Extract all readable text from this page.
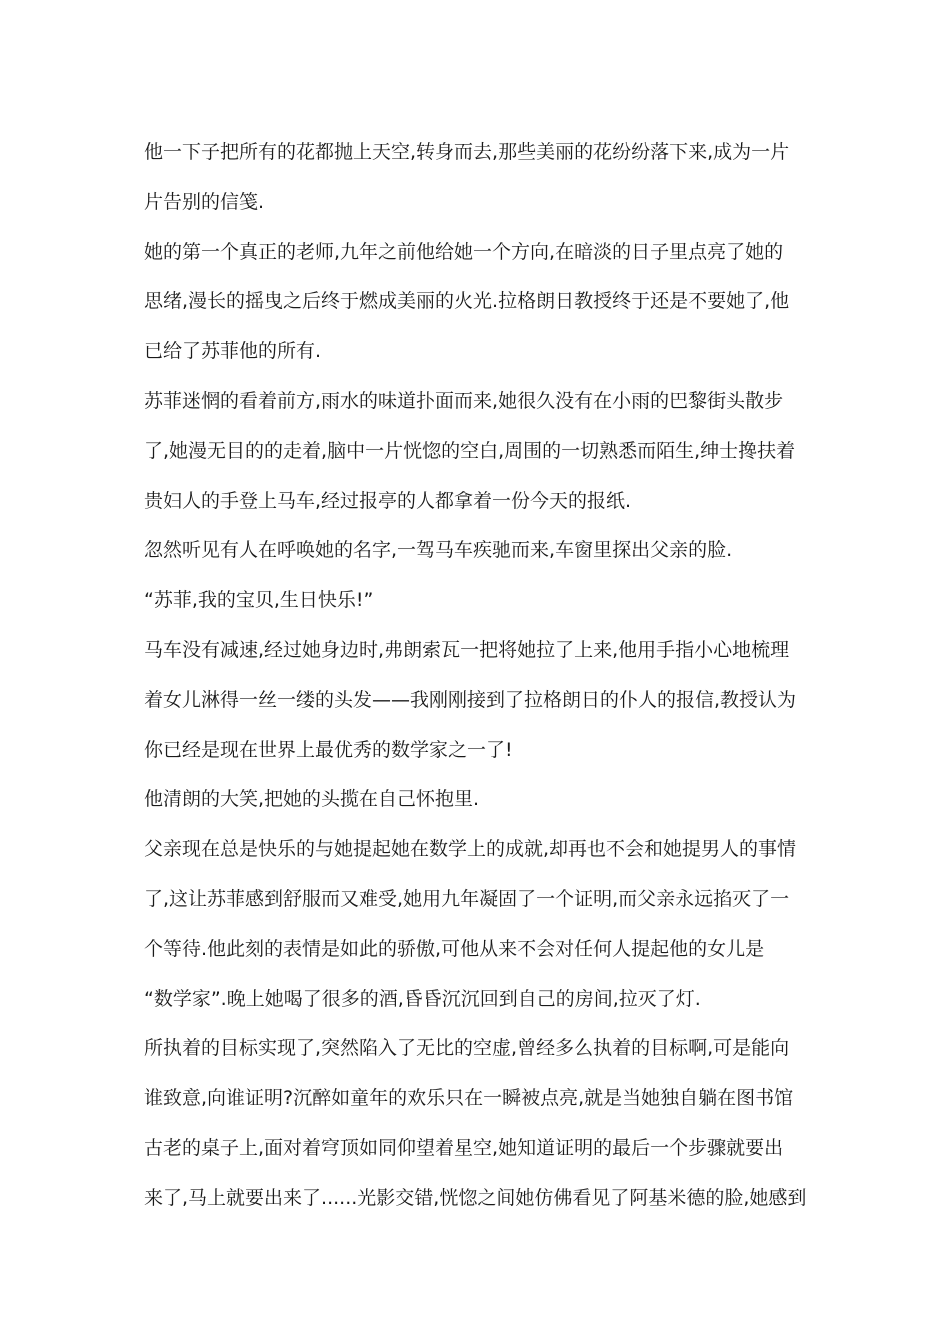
他一下子把所有的花都抛上天空,转身而去,那些美丽的花纷纷落下来,成为一片
片告别的信笺.
她的第一个真正的老师,九年之前他给她一个方向,在暗淡的日子里点亮了她的
思绪,漫长的摇曳之后终于燃成美丽的火光.拉格朗日教授终于还是不要她了,他
已给了苏菲他的所有.
苏菲迷惘的看着前方,雨水的味道扑面而来,她很久没有在小雨的巴黎街头散步
了,她漫无目的的走着,脑中一片恍惚的空白,周围的一切熟悉而陌生,绅士搀扶着
贵妇人的手登上马车,经过报亭的人都拿着一份今天的报纸.
忽然听见有人在呼唤她的名字,一驾马车疾驰而来,车窗里探出父亲的脸.
“苏菲,我的宝贝,生日快乐!”
马车没有减速,经过她身边时,弗朗索瓦一把将她拉了上来,他用手指小心地梳理
着女儿淋得一丝一缕的头发——我刚刚接到了拉格朗日的仆人的报信,教授认为
你已经是现在世界上最优秀的数学家之一了!
他清朗的大笑,把她的头揽在自己怀抱里.
父亲现在总是快乐的与她提起她在数学上的成就,却再也不会和她提男人的事情
了,这让苏菲感到舒服而又难受,她用九年凝固了一个证明,而父亲永远掐灭了一
个等待.他此刻的表情是如此的骄傲,可他从来不会对任何人提起他的女儿是
“数学家”.晚上她喝了很多的酒,昏昏沉沉回到自己的房间,拉灭了灯.
所执着的目标实现了,突然陷入了无比的空虚,曾经多么执着的目标啊,可是能向
谁致意,向谁证明?沉醉如童年的欢乐只在一瞬被点亮,就是当她独自躺在图书馆
古老的桌子上,面对着穹顶如同仰望着星空,她知道证明的最后一个步骤就要出
来了,马上就要出来了......光影交错,恍惚之间她仿佛看见了阿基米德的脸,她感到
